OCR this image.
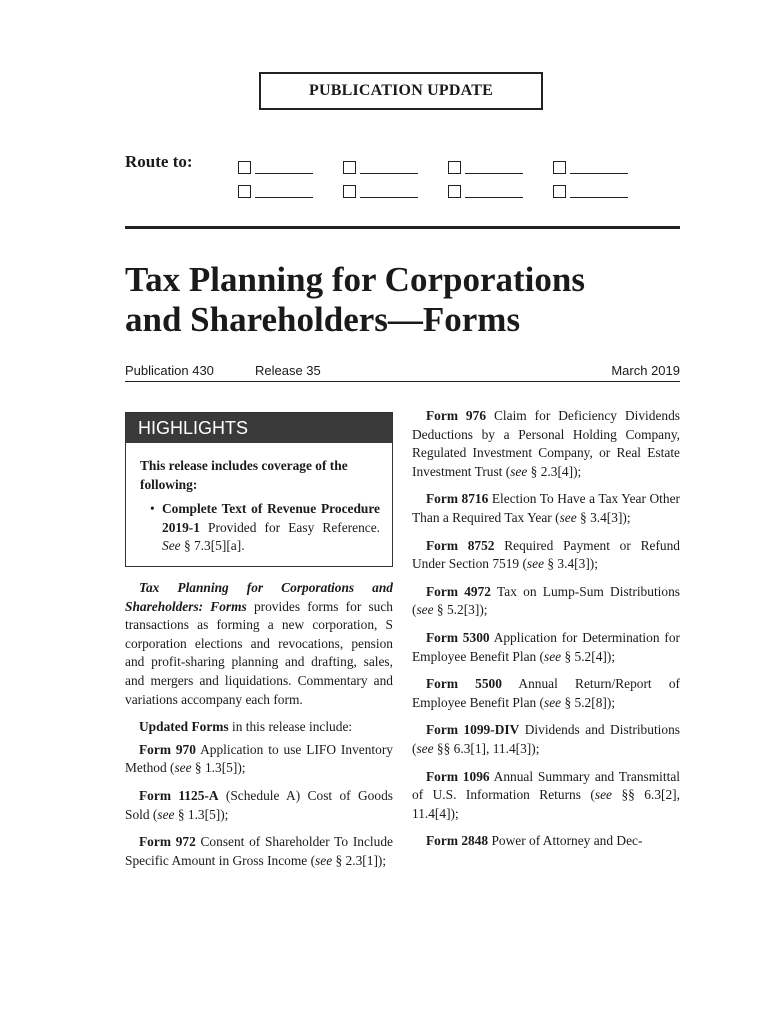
PUBLICATION UPDATE
Route to:
Tax Planning for Corporations
and Shareholders—Forms
Publication 430	Release 35	March 2019
HIGHLIGHTS

This release includes coverage of the following:

• Complete Text of Revenue Procedure 2019-1 Provided for Easy Reference. See § 7.3[5][a].

Tax Planning for Corporations and Shareholders: Forms provides forms for such transactions as forming a new corporation, S corporation elections and revocations, pension and profit-sharing planning and drafting, sales, and mergers and liquidations. Commentary and variations accompany each form.

Updated Forms in this release include:

Form 970 Application to use LIFO Inventory Method (see § 1.3[5]);

Form 1125-A (Schedule A) Cost of Goods Sold (see § 1.3[5]);

Form 972 Consent of Shareholder To Include Specific Amount in Gross Income (see § 2.3[1]);

Form 976 Claim for Deficiency Dividends Deductions by a Personal Holding Company, Regulated Investment Company, or Real Estate Investment Trust (see § 2.3[4]);

Form 8716 Election To Have a Tax Year Other Than a Required Tax Year (see § 3.4[3]);

Form 8752 Required Payment or Refund Under Section 7519 (see § 3.4[3]);

Form 4972 Tax on Lump-Sum Distributions (see § 5.2[3]);

Form 5300 Application for Determination for Employee Benefit Plan (see § 5.2[4]);

Form 5500 Annual Return/Report of Employee Benefit Plan (see § 5.2[8]);

Form 1099-DIV Dividends and Distributions (see §§ 6.3[1], 11.4[3]);

Form 1096 Annual Summary and Transmittal of U.S. Information Returns (see §§ 6.3[2], 11.4[4]);

Form 2848 Power of Attorney and Dec-
